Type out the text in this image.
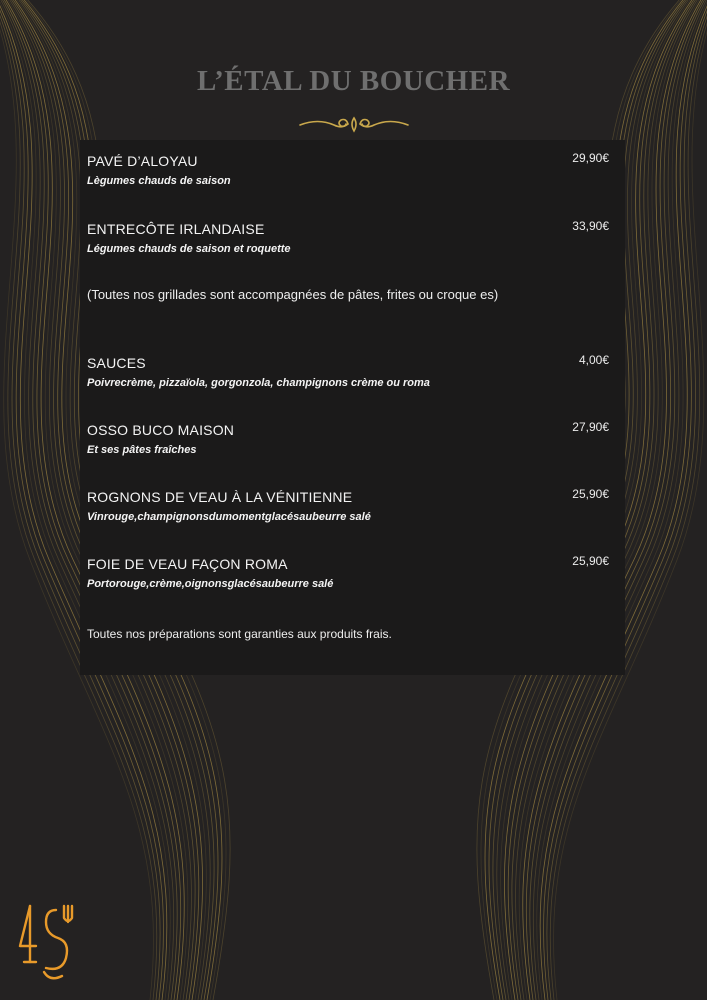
L’ÉTAL DU BOUCHER
PAVÉ D’ALOYAU
Lègumes chauds de saison
29,90€
ENTRECÔTE IRLANDAISE
Légumes chauds de saison et roquette
33,90€
(Toutes nos grillades sont accompagnées de pâtes, frites ou croque es)
SAUCES
Poivrecrème, pizzaïola, gorgonzola, champignons crème ou roma
4,00€
OSSO BUCO MAISON
Et ses pâtes fraîches
27,90€
ROGNONS DE VEAU À LA VÉNITIENNE
Vinrouge,champignonsdumomentglacésaubeurre salé
25,90€
FOIE DE VEAU FAÇON ROMA
Portorouge,crème,oignonsglacésaubeurre salé
25,90€
Toutes nos préparations sont garanties aux produits frais.
